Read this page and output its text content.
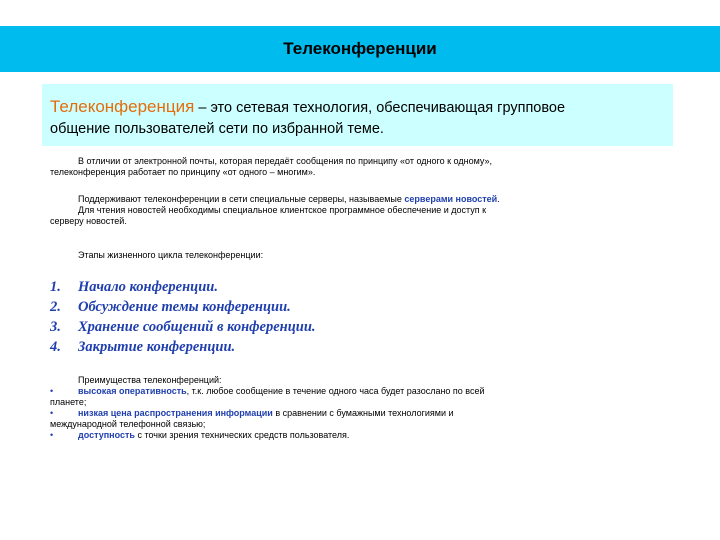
Телеконференции
Телеконференция – это сетевая технология, обеспечивающая групповое
общение пользователей сети по избранной теме.
В отличии от электронной почты, которая передаёт сообщения по принципу «от одного к одному»,
телеконференция работает по принципу «от одного – многим».
Поддерживают телеконференции в сети специальные серверы, называемые серверами новостей.
Для чтения новостей необходимы специальное клиентское программное обеспечение и доступ к
серверу новостей.
Этапы жизненного цикла телеконференции:
1. Начало конференции.
2. Обсуждение темы конференции.
3. Хранение сообщений в конференции.
4. Закрытие конференции.
Преимущества телеконференций:
•	высокая оперативность, т.к. любое сообщение в течение одного часа будет разослано по всей
планете;
•	низкая цена распространения информации в сравнении с бумажными технологиями и
международной телефонной связью;
•	доступность с точки зрения технических средств пользователя.
